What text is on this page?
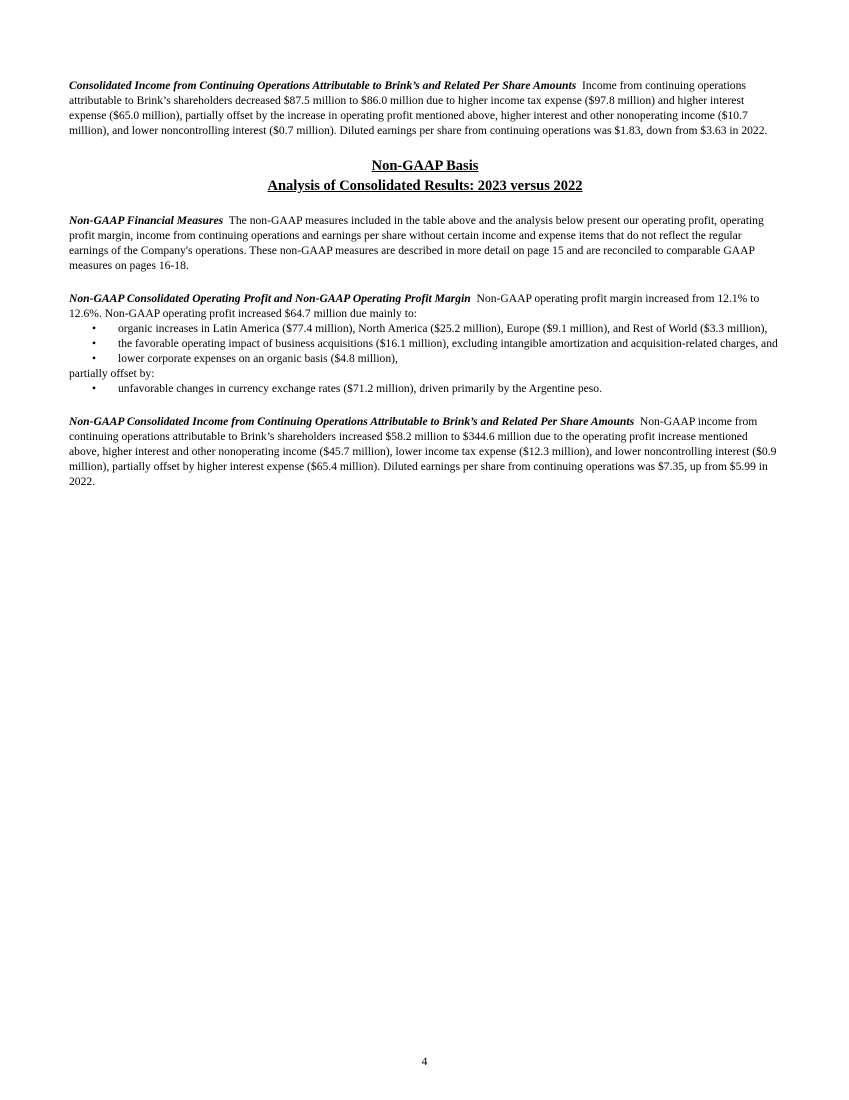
Consolidated Income from Continuing Operations Attributable to Brink’s and Related Per Share Amounts Income from continuing operations attributable to Brink’s shareholders decreased $87.5 million to $86.0 million due to higher income tax expense ($97.8 million) and higher interest expense ($65.0 million), partially offset by the increase in operating profit mentioned above, higher interest and other nonoperating income ($10.7 million), and lower noncontrolling interest ($0.7 million). Diluted earnings per share from continuing operations was $1.83, down from $3.63 in 2022.

Non-GAAP Basis
Analysis of Consolidated Results: 2023 versus 2022

Non-GAAP Financial Measures The non-GAAP measures included in the table above and the analysis below present our operating profit, operating profit margin, income from continuing operations and earnings per share without certain income and expense items that do not reflect the regular earnings of the Company's operations. These non-GAAP measures are described in more detail on page 15 and are reconciled to comparable GAAP measures on pages 16-18.

Non-GAAP Consolidated Operating Profit and Non-GAAP Operating Profit Margin Non-GAAP operating profit margin increased from 12.1% to 12.6%. Non-GAAP operating profit increased $64.7 million due mainly to:

• organic increases in Latin America ($77.4 million), North America ($25.2 million), Europe ($9.1 million), and Rest of World ($3.3 million),
• the favorable operating impact of business acquisitions ($16.1 million), excluding intangible amortization and acquisition-related charges, and
• lower corporate expenses on an organic basis ($4.8 million),

partially offset by:

• unfavorable changes in currency exchange rates ($71.2 million), driven primarily by the Argentine peso.

Non-GAAP Consolidated Income from Continuing Operations Attributable to Brink’s and Related Per Share Amounts Non-GAAP income from continuing operations attributable to Brink’s shareholders increased $58.2 million to $344.6 million due to the operating profit increase mentioned above, higher interest and other nonoperating income ($45.7 million), lower income tax expense ($12.3 million), and lower noncontrolling interest ($0.9 million), partially offset by higher interest expense ($65.4 million). Diluted earnings per share from continuing operations was $7.35, up from $5.99 in 2022.

4
